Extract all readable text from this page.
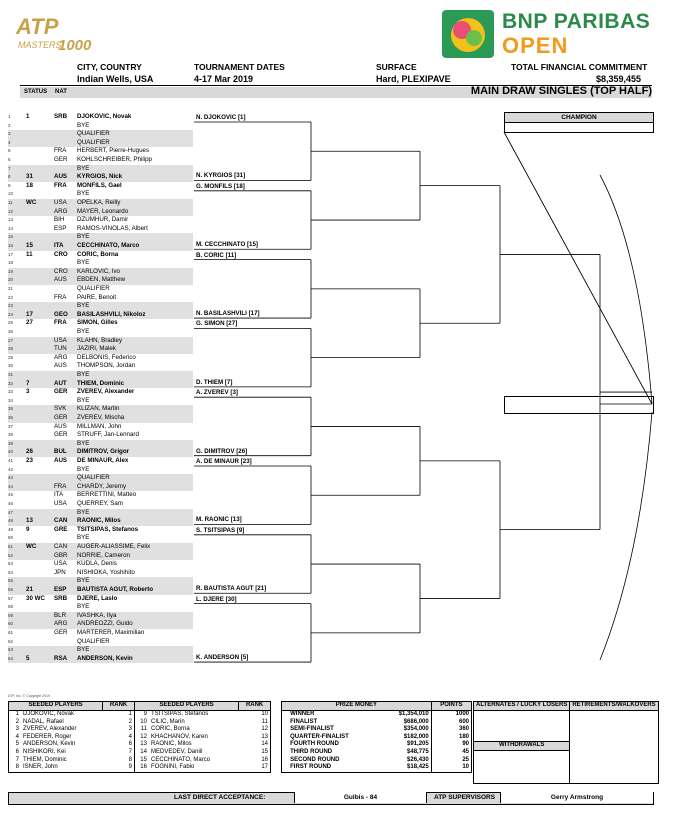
ATP
MASTERS
1000
BNP PARIBAS
OPEN
CITY, COUNTRY
Indian Wells, USA
TOURNAMENT DATES
4-17 Mar 2019
SURFACE
Hard, PLEXIPAVE
TOTAL FINANCIAL COMMITMENT
$8,359,455
STATUS NAT	MAIN DRAW SINGLES (TOP HALF)
1	1	SRB	DJOKOVIC, Novak
2	BYE
3	QUALIFIER
4	QUALIFIER
5	FRA	HERBERT, Pierre-Hugues
6	GER	KOHLSCHREIBER, Philipp
7	BYE
8	31	AUS	KYRGIOS, Nick
9	18	FRA	MONFILS, Gael
10	BYE
11	WC	USA	OPELKA, Reilly
12	ARG	MAYER, Leonardo
13	BIH	DZUMHUR, Damir
14	ESP	RAMOS-VINOLAS, Albert
15	BYE
16	15	ITA	CECCHINATO, Marco
17	11	CRO	CORIC, Borna
18	BYE
19	CRO	KARLOVIC, Ivo
20	AUS	EBDEN, Matthew
21	QUALIFIER
22	FRA	PAIRE, Benoit
23	BYE
24	17	GEO	BASILASHVILI, Nikoloz
25	27	FRA	SIMON, Gilles
26	BYE
27	USA	KLAHN, Bradley
28	TUN	JAZIRI, Malek
29	ARG	DELBONIS, Federico
30	AUS	THOMPSON, Jordan
31	BYE
32	7	AUT	THIEM, Dominic
33	3	GER	ZVEREV, Alexander
34	BYE
35	SVK	KLIZAN, Martin
36	GER	ZVEREV, Mischa
37	AUS	MILLMAN, John
38	GER	STRUFF, Jan-Lennard
39	BYE
40	26	BUL	DIMITROV, Grigor
41	23	AUS	DE MINAUR, Alex
42	BYE
43	QUALIFIER
44	FRA	CHARDY, Jeremy
45	ITA	BERRETTINI, Matteo
46	USA	QUERREY, Sam
47	BYE
48	13	CAN	RAONIC, Milos
49	9	GRE	TSITSIPAS, Stefanos
50	BYE
51	WC	CAN	AUGER-ALIASSIME, Felix
52	GBR	NORRIE, Cameron
53	USA	KUDLA, Denis
54	JPN	NISHIOKA, Yoshihito
55	BYE
56	21	ESP	BAUTISTA AGUT, Roberto
57	30 WC	SRB	DJERE, Laslo
58	BYE
59	BLR	IVASHKA, Ilya
60	ARG	ANDREOZZI, Guido
61	GER	MARTERER, Maximilian
62	QUALIFIER
63	BYE
64	5	RSA	ANDERSON, Kevin
N. DJOKOVIC [1]
N. KYRGIOS [31]
G. MONFILS [18]
M. CECCHINATO [15]
B. CORIC [11]
N. BASILASHVILI [17]
G. SIMON [27]
D. THIEM [7]
A. ZVEREV [3]
G. DIMITROV [26]
A. DE MINAUR [23]
M. RAONIC [13]
S. TSITSIPAS [9]
R. BAUTISTA AGUT [21]
L. DJERE [30]
K. ANDERSON [5]
CHAMPION
ATP, Inc. © Copyright 2019
SEEDED PLAYERS		RANK	SEEDED PLAYERS		RANK
1	DJOKOVIC, Novak	1	9	TSITSIPAS, Stefanos	10
2	NADAL, Rafael	2	10	CILIC, Marin	11
3	ZVEREV, Alexander	3	11	CORIC, Borna	12
4	FEDERER, Roger	4	12	KHACHANOV, Karen	13
5	ANDERSON, Kevin	6	13	RAONIC, Milos	14
6	NISHIKORI, Kei	7	14	MEDVEDEV, Daniil	15
7	THIEM, Dominic	8	15	CECCHINATO, Marco	16
8	ISNER, John	9	16	FOGNINI, Fabio	17
PRIZE MONEY			POINTS
	WINNER	$1,354,010	1000
	FINALIST	$686,000	600
	SEMI-FINALIST	$354,000	360
	QUARTER-FINALIST	$182,000	180
	FOURTH ROUND	$91,205	90
	THIRD ROUND	$48,775	45
	SECOND ROUND	$26,430	25
	FIRST ROUND	$18,425	10
ALTERNATES / LUCKY LOSERS	RETIREMENTS/WALKOVERS

WITHDRAWALS	

LAST DIRECT ACCEPTANCE:	Gulbis - 84	ATP SUPERVISORS	Gerry Armstrong
